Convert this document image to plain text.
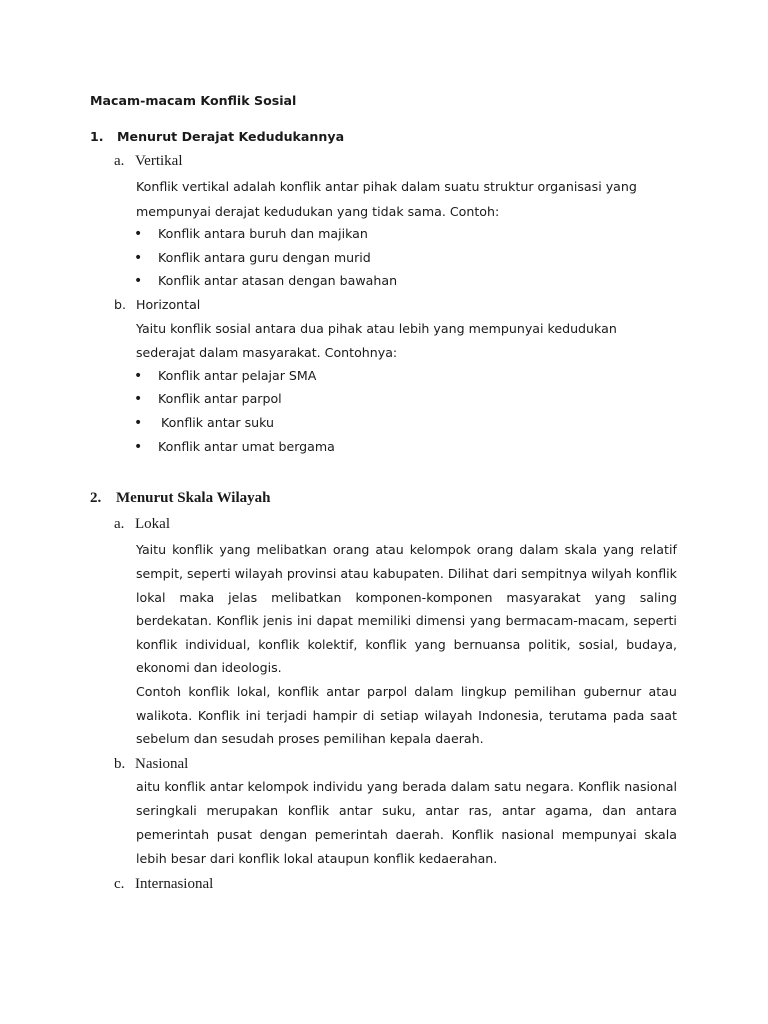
Macam-macam Konflik Sosial
1. Menurut Derajat Kedudukannya
a. Vertikal
Konflik vertikal adalah konflik antar pihak dalam suatu struktur organisasi yang
mempunyai derajat kedudukan yang tidak sama. Contoh:
• Konflik antara buruh dan majikan
• Konflik antara guru dengan murid
• Konflik antar atasan dengan bawahan
b. Horizontal
Yaitu konflik sosial antara dua pihak atau lebih yang mempunyai kedudukan
sederajat dalam masyarakat. Contohnya:
• Konflik antar pelajar SMA
• Konflik antar parpol
• Konflik antar suku
• Konflik antar umat bergama
2. Menurut Skala Wilayah
a. Lokal
Yaitu konflik yang melibatkan orang atau kelompok orang dalam skala yang relatif
sempit, seperti wilayah provinsi atau kabupaten. Dilihat dari sempitnya wilyah konflik
lokal maka jelas melibatkan komponen-komponen masyarakat yang saling
berdekatan. Konflik jenis ini dapat memiliki dimensi yang bermacam-macam, seperti
konflik individual, konflik kolektif, konflik yang bernuansa politik, sosial, budaya,
ekonomi dan ideologis.
Contoh konflik lokal, konflik antar parpol dalam lingkup pemilihan gubernur atau
walikota. Konflik ini terjadi hampir di setiap wilayah Indonesia, terutama pada saat
sebelum dan sesudah proses pemilihan kepala daerah.
b. Nasional
aitu konflik antar kelompok individu yang berada dalam satu negara. Konflik nasional
seringkali merupakan konflik antar suku, antar ras, antar agama, dan antara
pemerintah pusat dengan pemerintah daerah. Konflik nasional mempunyai skala
lebih besar dari konflik lokal ataupun konflik kedaerahan.
c. Internasional
